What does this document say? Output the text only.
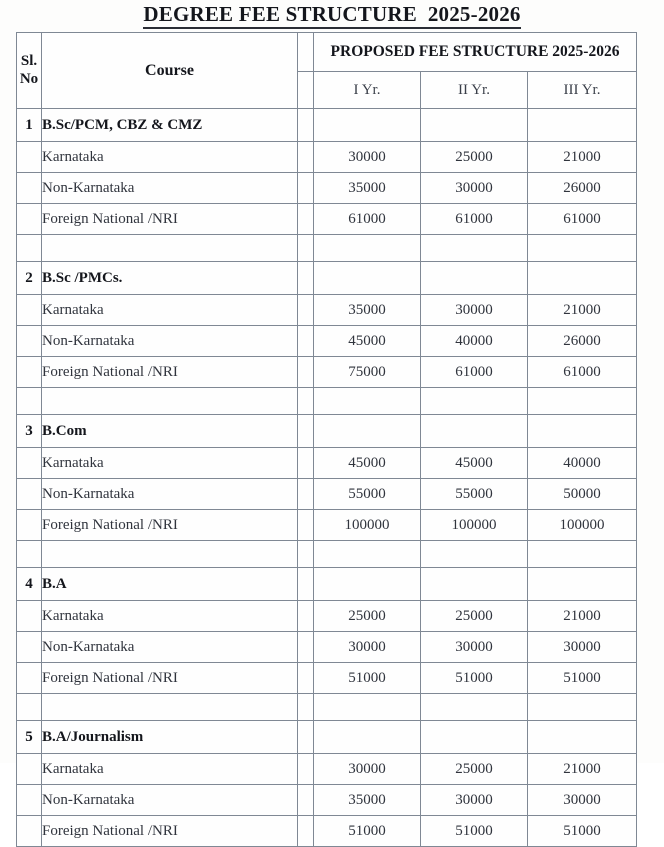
DEGREE FEE STRUCTURE  2025-2026
Sl.
No	Course		PROPOSED FEE STRUCTURE 2025-2026		
			I Yr.	II Yr.	III Yr.
1	B.Sc/PCM, CBZ & CMZ				
	Karnataka		30000	25000	21000
	Non-Karnataka		35000	30000	26000
	Foreign National /NRI		61000	61000	61000

2	B.Sc /PMCs.				
	Karnataka		35000	30000	21000
	Non-Karnataka		45000	40000	26000
	Foreign National /NRI		75000	61000	61000

3	B.Com				
	Karnataka		45000	45000	40000
	Non-Karnataka		55000	55000	50000
	Foreign National /NRI		100000	100000	100000

4	B.A				
	Karnataka		25000	25000	21000
	Non-Karnataka		30000	30000	30000
	Foreign National /NRI		51000	51000	51000

5	B.A/Journalism				
	Karnataka		30000	25000	21000
	Non-Karnataka		35000	30000	30000
	Foreign National /NRI		51000	51000	51000
